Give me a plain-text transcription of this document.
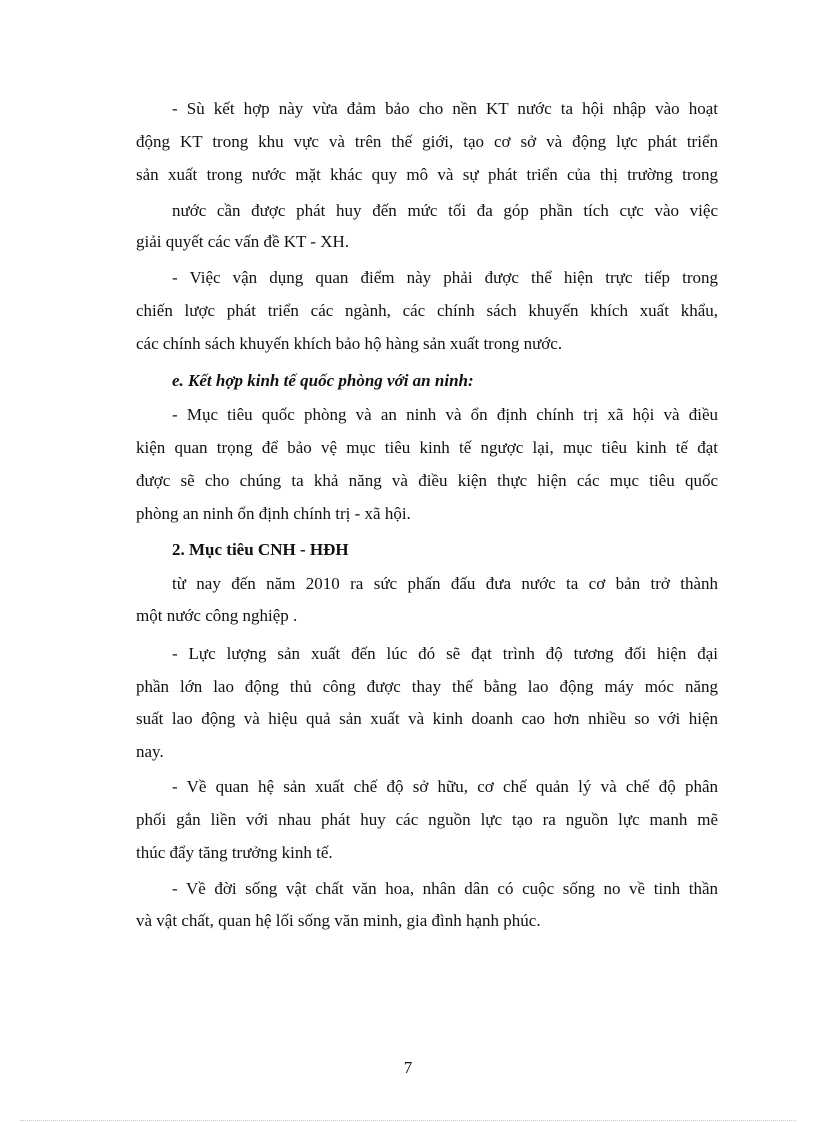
- Sù kết hợp này vừa đảm bảo cho nền KT nước ta hội nhập vào hoạt
động KT trong khu vực và trên thế giới, tạo cơ sở và động lực phát triển
sản xuất trong nước mặt khác quy mô và sự phát triển của thị trường trong
nước cần được phát huy đến mức tối đa góp phần tích cực vào việc
giải quyết các vấn đề KT - XH.
- Việc vận dụng quan điểm này phải được thể hiện trực tiếp trong
chiến lược phát triển các ngành, các chính sách khuyến khích xuất khẩu,
các chính sách khuyến khích bảo hộ hàng sản xuất trong nước.
e. Kết hợp kinh tế quốc phòng với an ninh:
- Mục tiêu quốc phòng và an ninh và ổn định chính trị xã hội và điều
kiện quan trọng để bảo vệ mục tiêu kinh tế ngược lại, mục tiêu kinh tế đạt
được sẽ cho chúng ta khả năng và điều kiện thực hiện các mục tiêu quốc
phòng an ninh ổn định chính trị - xã hội.
2. Mục tiêu CNH - HĐH
từ nay đến năm 2010 ra sức phấn đấu đưa nước ta cơ bản trở thành
một nước công nghiệp .
- Lực lượng sản xuất đến lúc đó sẽ đạt trình độ tương đối hiện đại
phần lớn lao động thủ công được thay thế bằng lao động máy móc năng
suất lao động và hiệu quả sản xuất và kinh doanh cao hơn nhiều so với hiện
nay.
- Về quan hệ sản xuất chế độ sở hữu, cơ chế quản lý và chế độ phân
phối gắn liền với nhau phát huy các nguồn lực tạo ra nguồn lực manh mẽ
thúc đẩy tăng trưởng kinh tế.
- Về đời sống vật chất văn hoa, nhân dân có cuộc sống no về tinh thần
và vật chất, quan hệ lối sống văn minh, gia đình hạnh phúc.
7
